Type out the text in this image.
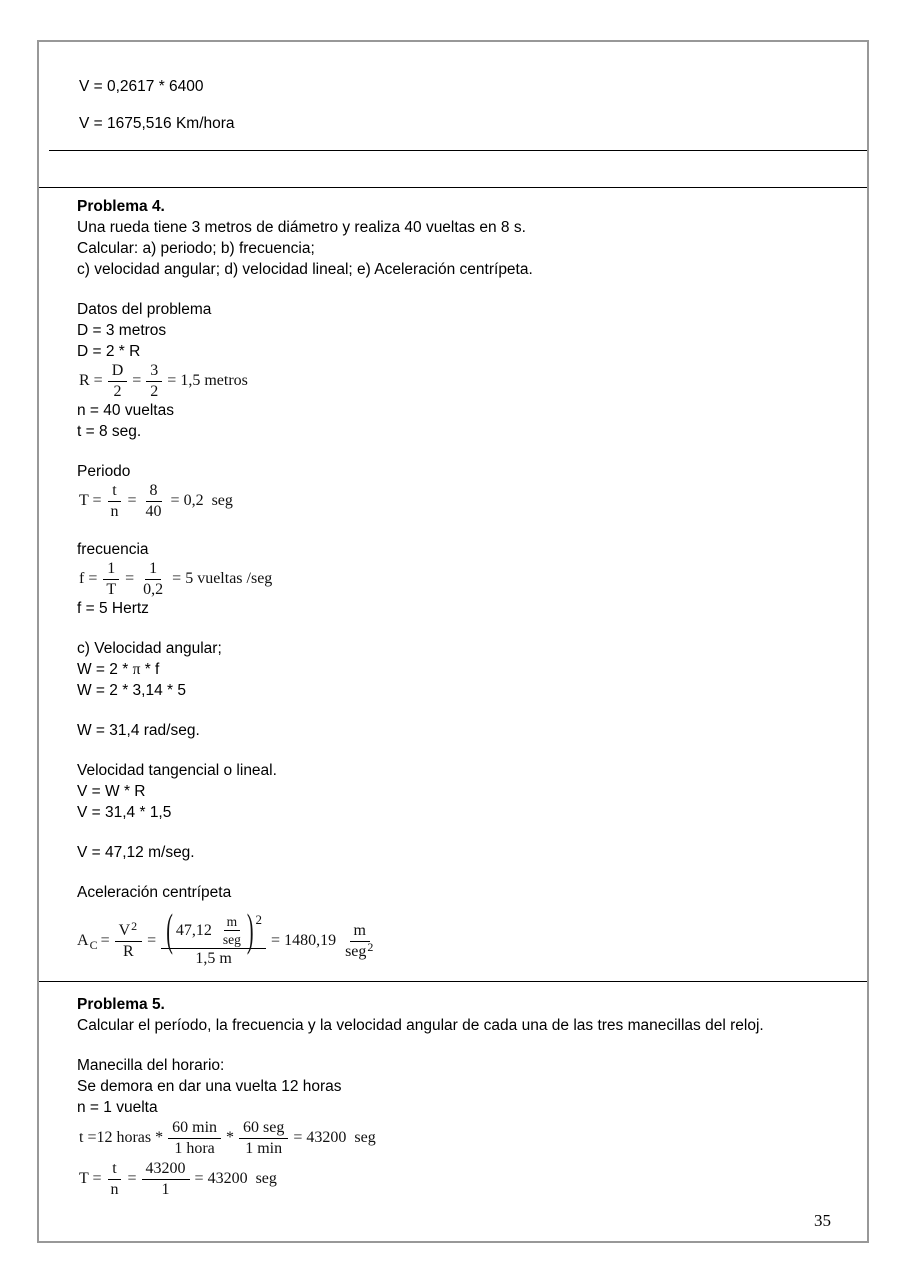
V = 0,2617 * 6400
V = 1675,516 Km/hora
Problema 4.
Una rueda tiene 3 metros de diámetro y realiza 40 vueltas en 8 s.
Calcular: a) periodo; b) frecuencia;
c) velocidad angular; d) velocidad lineal; e) Aceleración centrípeta.
Datos del problema
D = 3 metros
D = 2 * R
$R = \frac{D}{2} = \frac{3}{2} = 1,5$ metros
n = 40 vueltas
t = 8 seg.
Periodo
$T = \frac{t}{n} = \frac{8}{40} = 0,2$  seg
frecuencia
$f = \frac{1}{T} = \frac{1}{0,2} = 5$ vueltas /seg
f = 5 Hertz
c) Velocidad angular;
W = 2 * π * f
W = 2 * 3,14 * 5
W = 31,4 rad/seg.
Velocidad tangencial o lineal.
V = W * R
V = 31,4 * 1,5
V = 47,12 m/seg.
Aceleración centrípeta
A $C = \frac{V 2}{R}$ = ( $47,12 \frac{m}{\text{seg}}$ ) 2
1,5 m
= $1480,19 \frac{m}{\text{seg 2}}$
Problema 5.
Calcular el período, la frecuencia y la velocidad angular de cada una de las tres manecillas del reloj.
Manecilla del horario:
Se demora en dar una vuelta 12 horas
n = 1 vuelta
t =12 horas * $\frac{60 \min}{\text{1 hora}} * \frac{\text{60 seg}}{1 \min} = 43200$  seg
$T = \frac{t}{n} = \frac{43200}{1} = 43200$  seg
35
